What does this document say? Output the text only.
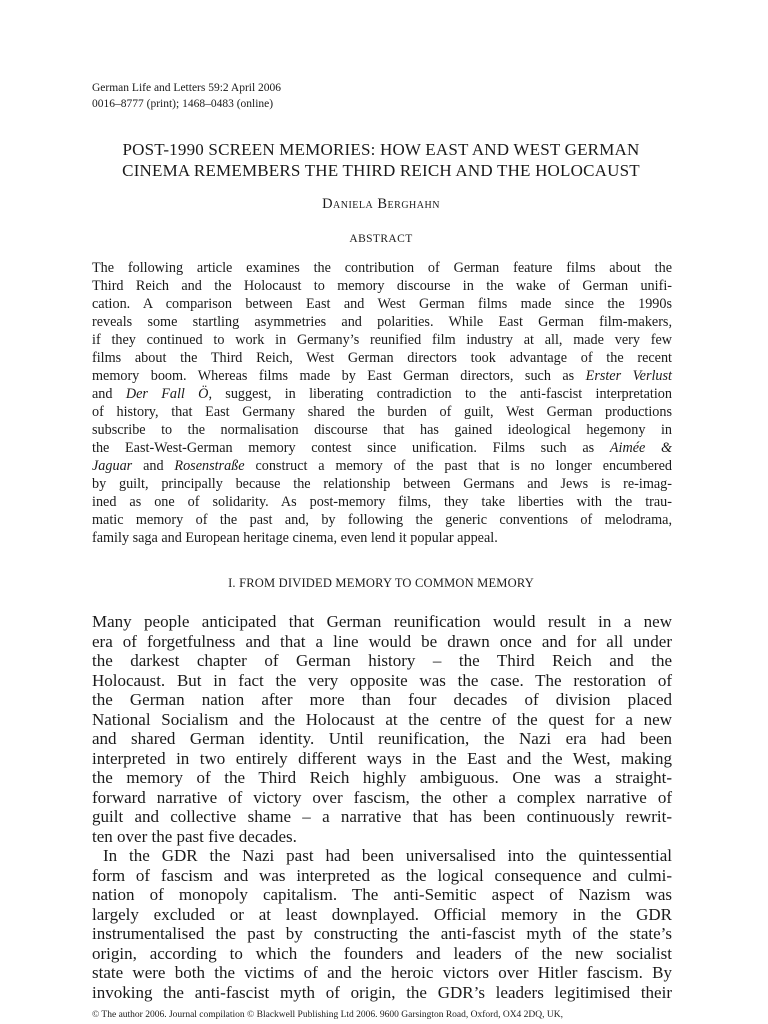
German Life and Letters 59:2 April 2006
0016–8777 (print); 1468–0483 (online)
POST-1990 SCREEN MEMORIES: HOW EAST AND WEST GERMAN
CINEMA REMEMBERS THE THIRD REICH AND THE HOLOCAUST
Daniela Berghahn
ABSTRACT
The following article examines the contribution of German feature films about the
Third Reich and the Holocaust to memory discourse in the wake of German unifi-
cation. A comparison between East and West German films made since the 1990s
reveals some startling asymmetries and polarities. While East German film-makers,
if they continued to work in Germany’s reunified film industry at all, made very few
films about the Third Reich, West German directors took advantage of the recent
memory boom. Whereas films made by East German directors, such as Erster Verlust
and Der Fall Ö, suggest, in liberating contradiction to the anti-fascist interpretation
of history, that East Germany shared the burden of guilt, West German productions
subscribe to the normalisation discourse that has gained ideological hegemony in
the East-West-German memory contest since unification. Films such as Aimée &
Jaguar and Rosenstraße construct a memory of the past that is no longer encumbered
by guilt, principally because the relationship between Germans and Jews is re-imag-
ined as one of solidarity. As post-memory films, they take liberties with the trau-
matic memory of the past and, by following the generic conventions of melodrama,
family saga and European heritage cinema, even lend it popular appeal.
I. FROM DIVIDED MEMORY TO COMMON MEMORY
Many people anticipated that German reunification would result in a new
era of forgetfulness and that a line would be drawn once and for all under
the darkest chapter of German history – the Third Reich and the
Holocaust. But in fact the very opposite was the case. The restoration of
the German nation after more than four decades of division placed
National Socialism and the Holocaust at the centre of the quest for a new
and shared German identity. Until reunification, the Nazi era had been
interpreted in two entirely different ways in the East and the West, making
the memory of the Third Reich highly ambiguous. One was a straight-
forward narrative of victory over fascism, the other a complex narrative of
guilt and collective shame – a narrative that has been continuously rewrit-
ten over the past five decades.
In the GDR the Nazi past had been universalised into the quintessential
form of fascism and was interpreted as the logical consequence and culmi-
nation of monopoly capitalism. The anti-Semitic aspect of Nazism was
largely excluded or at least downplayed. Official memory in the GDR
instrumentalised the past by constructing the anti-fascist myth of the state’s
origin, according to which the founders and leaders of the new socialist
state were both the victims of and the heroic victors over Hitler fascism. By
invoking the anti-fascist myth of origin, the GDR’s leaders legitimised their
© The author 2006. Journal compilation © Blackwell Publishing Ltd 2006. 9600 Garsington Road, Oxford, OX4 2DQ, UK,
